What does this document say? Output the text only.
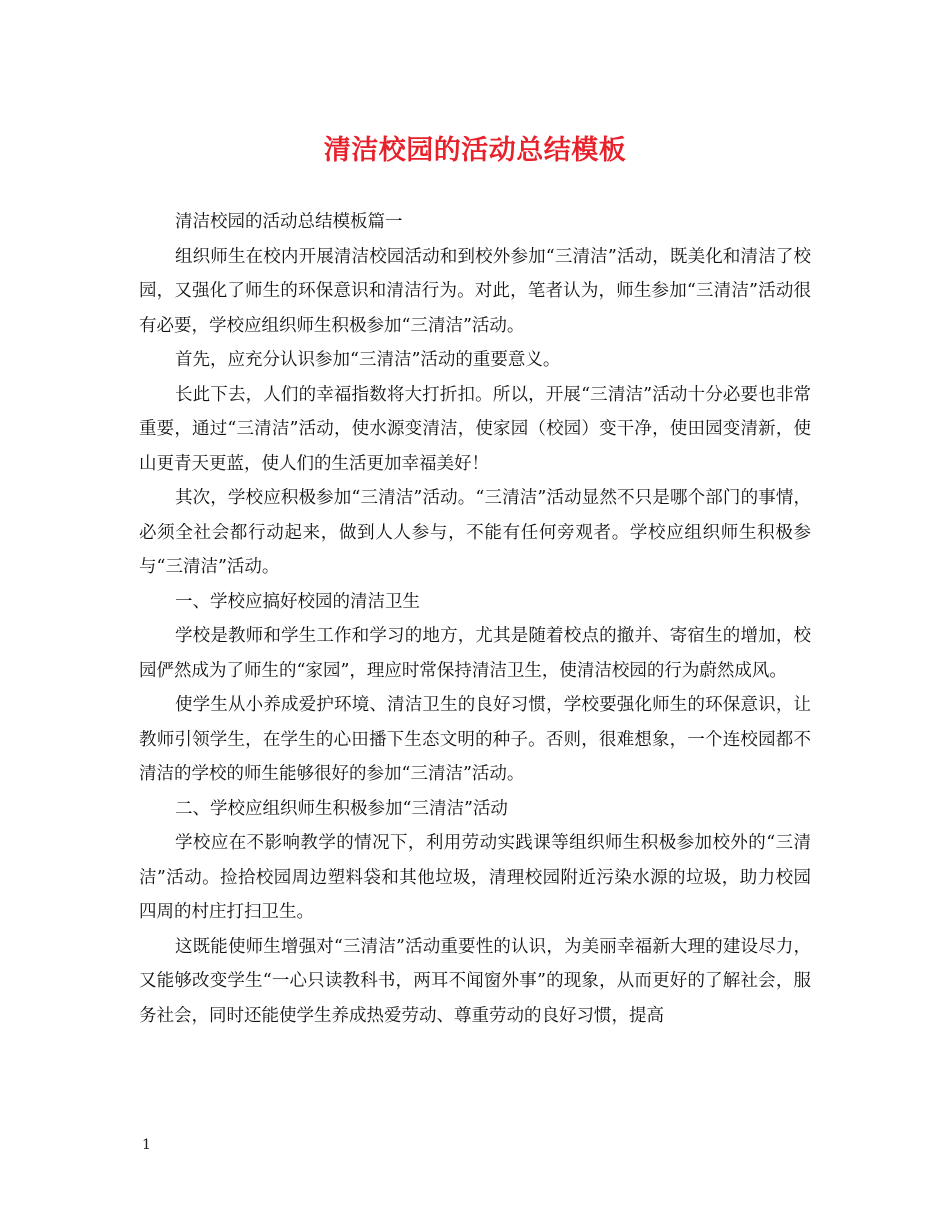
清洁校园的活动总结模板

清洁校园的活动总结模板篇一

组织师生在校内开展清洁校园活动和到校外参加“三清洁”活动，既美化和清洁了校园，又强化了师生的环保意识和清洁行为。对此，笔者认为，师生参加“三清洁”活动很有必要，学校应组织师生积极参加“三清洁”活动。

首先，应充分认识参加“三清洁”活动的重要意义。

长此下去，人们的幸福指数将大打折扣。所以，开展“三清洁”活动十分必要也非常重要，通过“三清洁”活动，使水源变清洁，使家园（校园）变干净，使田园变清新，使山更青天更蓝，使人们的生活更加幸福美好！

其次，学校应积极参加“三清洁”活动。“三清洁”活动显然不只是哪个部门的事情，必须全社会都行动起来，做到人人参与，不能有任何旁观者。学校应组织师生积极参与“三清洁”活动。

一、学校应搞好校园的清洁卫生

学校是教师和学生工作和学习的地方，尤其是随着校点的撤并、寄宿生的增加，校园俨然成为了师生的“家园”，理应时常保持清洁卫生，使清洁校园的行为蔚然成风。

使学生从小养成爱护环境、清洁卫生的良好习惯，学校要强化师生的环保意识，让教师引领学生，在学生的心田播下生态文明的种子。否则，很难想象，一个连校园都不清洁的学校的师生能够很好的参加“三清洁”活动。

二、学校应组织师生积极参加“三清洁”活动

学校应在不影响教学的情况下，利用劳动实践课等组织师生积极参加校外的“三清洁”活动。捡拾校园周边塑料袋和其他垃圾，清理校园附近污染水源的垃圾，助力校园四周的村庄打扫卫生。

这既能使师生增强对“三清洁”活动重要性的认识，为美丽幸福新大理的建设尽力，又能够改变学生“一心只读教科书，两耳不闻窗外事”的现象，从而更好的了解社会，服务社会，同时还能使学生养成热爱劳动、尊重劳动的良好习惯，提高

1
